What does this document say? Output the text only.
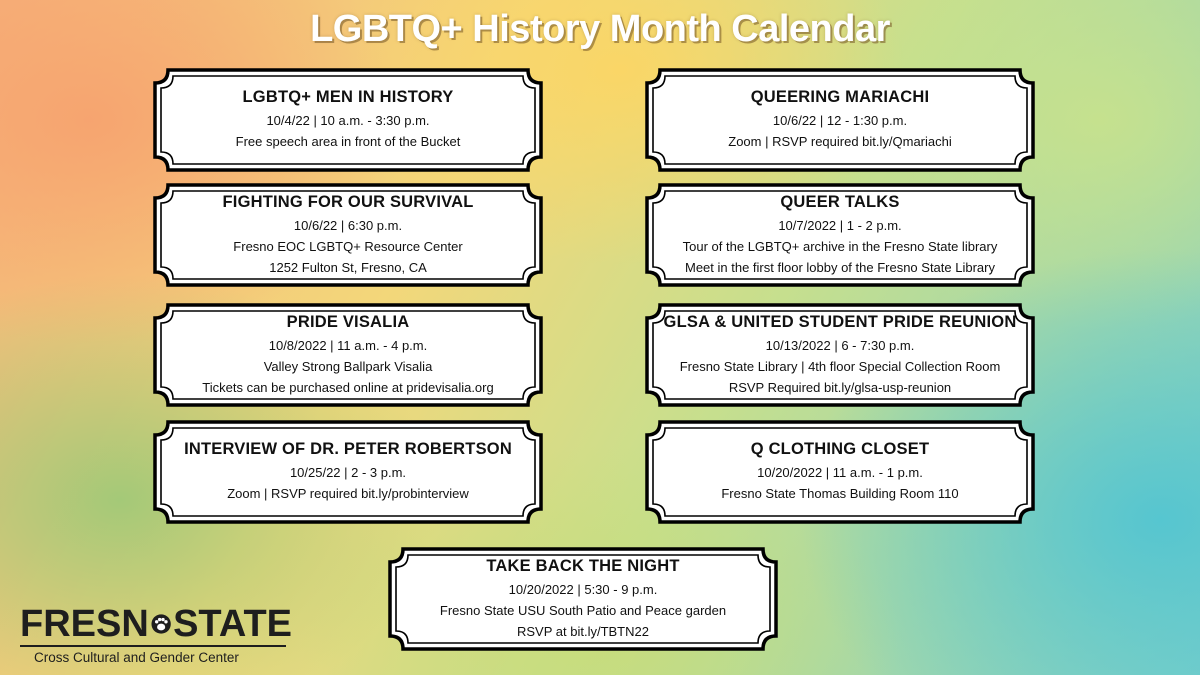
LGBTQ+ History Month Calendar
LGBTQ+ MEN IN HISTORY
10/4/22 | 10 a.m. - 3:30 p.m.
Free speech area in front of the Bucket
QUEERING MARIACHI
10/6/22 | 12 - 1:30 p.m.
Zoom | RSVP required bit.ly/Qmariachi
FIGHTING FOR OUR SURVIVAL
10/6/22 | 6:30 p.m.
Fresno EOC LGBTQ+ Resource Center
1252 Fulton St, Fresno, CA
QUEER TALKS
10/7/2022 | 1 - 2 p.m.
Tour of the LGBTQ+ archive in the Fresno State library
Meet in the first floor lobby of the Fresno State Library
PRIDE VISALIA
10/8/2022 | 11 a.m. - 4 p.m.
Valley Strong Ballpark Visalia
Tickets can be purchased online at pridevisalia.org
GLSA & UNITED STUDENT PRIDE REUNION
10/13/2022 | 6 - 7:30 p.m.
Fresno State Library | 4th floor Special Collection Room
RSVP Required bit.ly/glsa-usp-reunion
INTERVIEW OF DR. PETER ROBERTSON
10/25/22 | 2 - 3 p.m.
Zoom | RSVP required bit.ly/probinterview
Q CLOTHING CLOSET
10/20/2022 | 11 a.m. - 1 p.m.
Fresno State Thomas Building Room 110
TAKE BACK THE NIGHT
10/20/2022 | 5:30 - 9 p.m.
Fresno State USU South Patio and Peace garden
RSVP at bit.ly/TBTN22
FRESN STATE
Cross Cultural and Gender Center
